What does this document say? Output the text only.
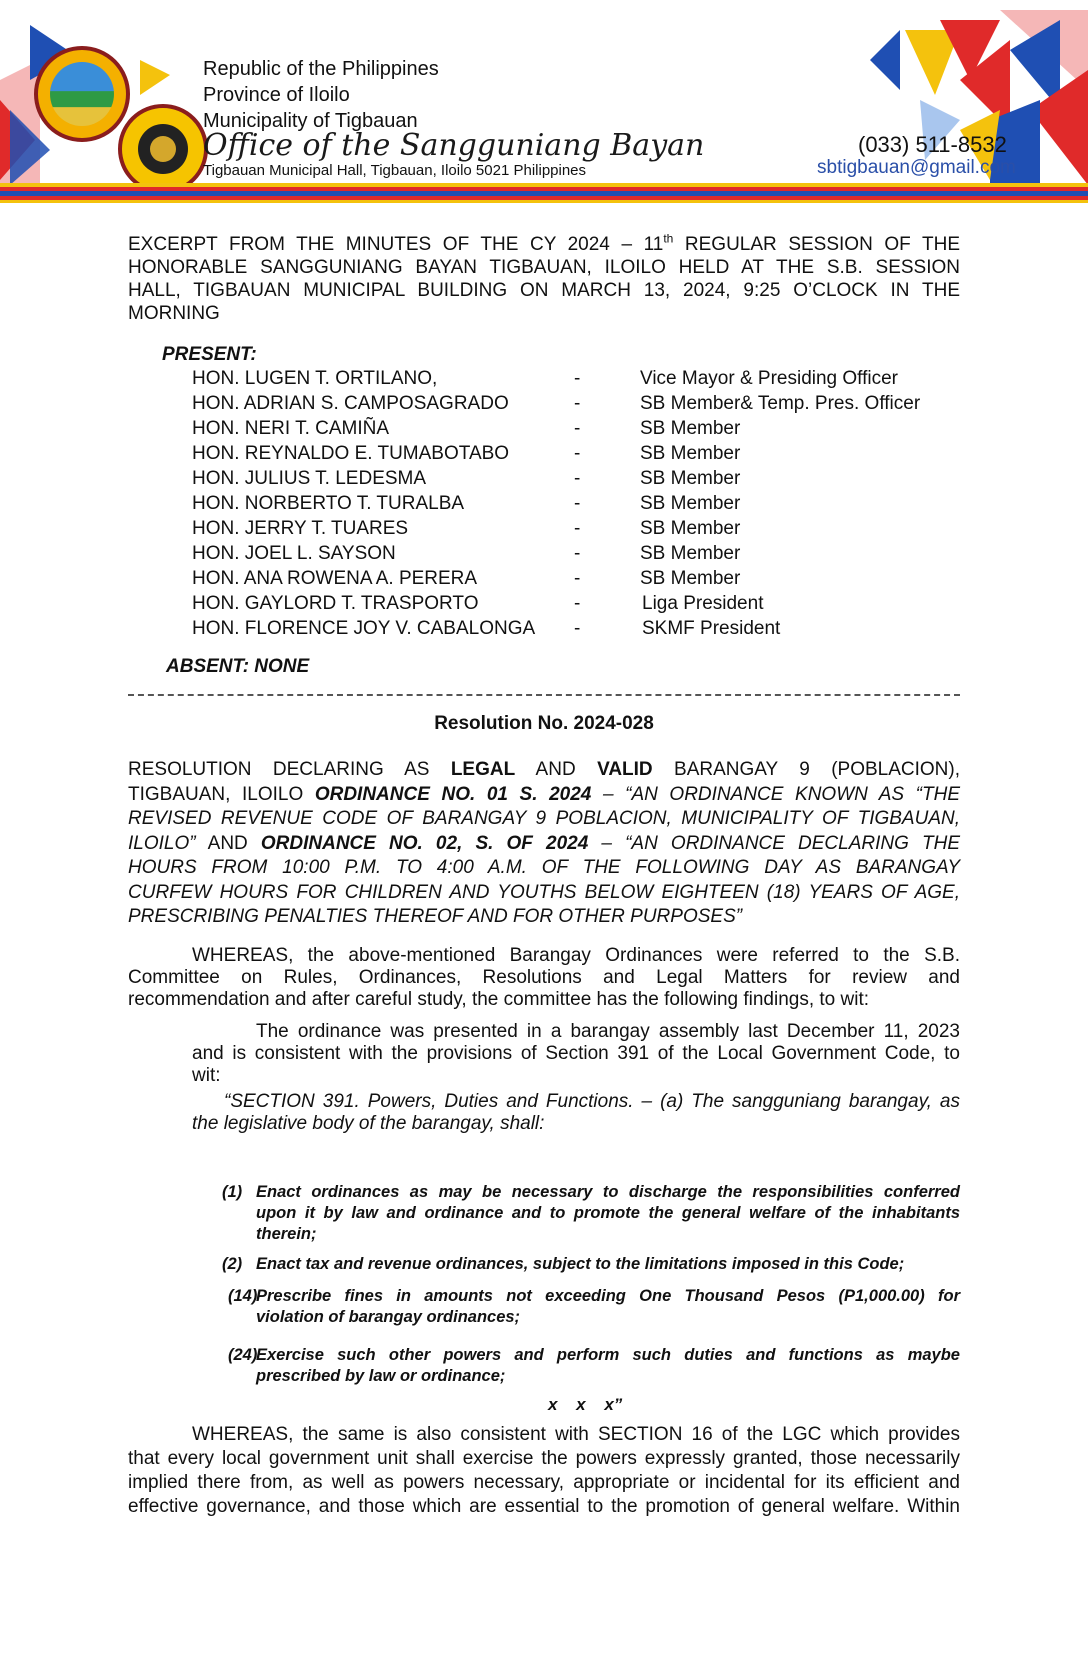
Republic of the Philippines
Province of Iloilo
Municipality of Tigbauan
Office of the Sangguniang Bayan
Tigbauan Municipal Hall, Tigbauan, Iloilo 5021 Philippines
(033) 511-8532
sbtigbauan@gmail.com

EXCERPT FROM THE MINUTES OF THE CY 2024 – 11th REGULAR SESSION OF THE

HONORABLE SANGGUNIANG BAYAN TIGBAUAN, ILOILO HELD AT THE S.B. SESSION

HALL, TIGBAUAN MUNICIPAL BUILDING ON MARCH 13, 2024, 9:25 O’CLOCK IN THE

MORNING

PRESENT:
HON. LUGEN T. ORTILANO,	-	Vice Mayor & Presiding Officer
HON. ADRIAN S. CAMPOSAGRADO	-	SB Member& Temp. Pres. Officer
HON. NERI T. CAMIÑA	-	SB Member
HON. REYNALDO E. TUMABOTABO	-	SB Member
HON. JULIUS T. LEDESMA	-	SB Member
HON. NORBERTO T. TURALBA	-	SB Member
HON. JERRY T. TUARES	-	SB Member
HON. JOEL L. SAYSON	-	SB Member
HON. ANA ROWENA A. PERERA	-	SB Member
HON. GAYLORD T. TRASPORTO	-	Liga President
HON. FLORENCE JOY V. CABALONGA -	SKMF President
ABSENT: NONE
Resolution No. 2024-028

RESOLUTION DECLARING AS LEGAL AND VALID BARANGAY 9 (POBLACION),

TIGBAUAN, ILOILO ORDINANCE NO. 01 S. 2024 – “AN ORDINANCE KNOWN AS “THE

REVISED REVENUE CODE OF BARANGAY 9 POBLACION, MUNICIPALITY OF TIGBAUAN,

ILOILO” AND ORDINANCE NO. 02, S. OF 2024 – “AN ORDINANCE DECLARING THE

HOURS FROM 10:00 P.M. TO 4:00 A.M. OF THE FOLLOWING DAY AS BARANGAY

CURFEW HOURS FOR CHILDREN AND YOUTHS BELOW EIGHTEEN (18) YEARS OF AGE,

PRESCRIBING PENALTIES THEREOF AND FOR OTHER PURPOSES”

WHEREAS, the above-mentioned Barangay Ordinances were referred to the S.B.

Committee on Rules, Ordinances, Resolutions and Legal Matters for review and

recommendation and after careful study, the committee has the following findings, to wit:

The ordinance was presented in a barangay assembly last December 11, 2023

and is consistent with the provisions of Section 391 of the Local Government Code, to

wit:

“SECTION 391. Powers, Duties and Functions. – (a) The sangguniang barangay, as

the legislative body of the barangay, shall:

(1) Enact ordinances as may be necessary to discharge the responsibilities conferred

upon it by law and ordinance and to promote the general welfare of the inhabitants

therein;

(2) Enact tax and revenue ordinances, subject to the limitations imposed in this Code;

(14)

Prescribe fines in amounts not exceeding One Thousand Pesos (P1,000.00) for

violation of barangay ordinances;

(24)

Exercise such other powers and perform such duties and functions as maybe

prescribed by law or ordinance;

x x x”

WHEREAS, the same is also consistent with SECTION 16 of the LGC which provides

that every local government unit shall exercise the powers expressly granted, those necessarily

implied there from, as well as powers necessary, appropriate or incidental for its efficient and

effective governance, and those which are essential to the promotion of general welfare. Within
